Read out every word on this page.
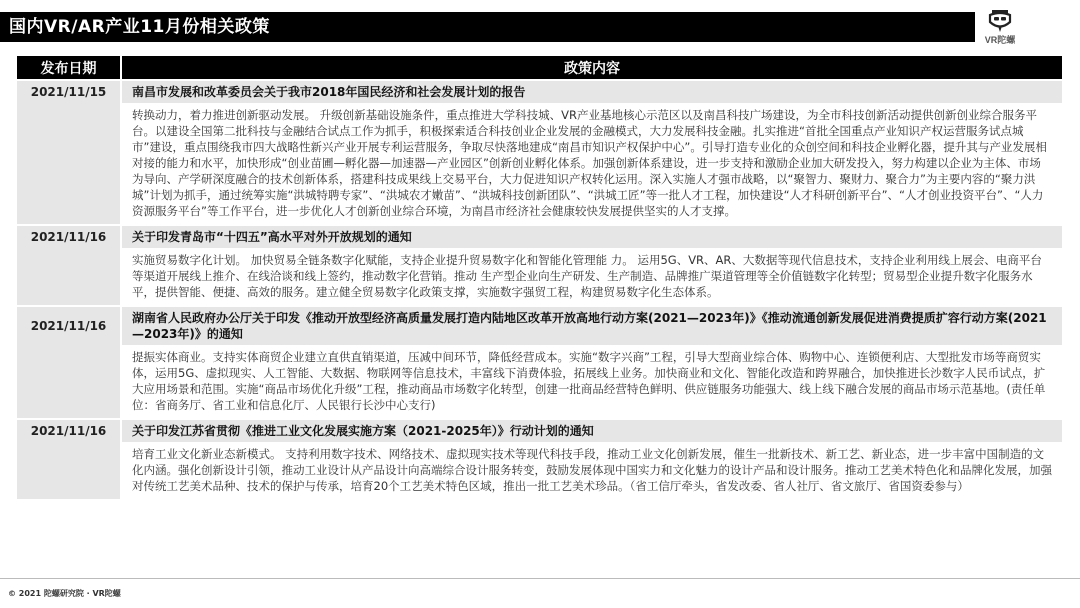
国内VR/AR产业11月份相关政策
VR陀螺
发布日期	政策内容
2021/11/15	南昌市发展和改革委员会关于我市2018年国民经济和社会发展计划的报告
	转换动力，着力推进创新驱动发展。 升级创新基础设施条件，重点推进大学科技城、VR产业基地核心示范区以及南昌科技广场建设，为全市科技创新活动提供创新创业综合服务平台。以建设全国第二批科技与金融结合试点工作为抓手，积极探索适合科技创业企业发展的金融模式，大力发展科技金融。扎实推进“首批全国重点产业知识产权运营服务试点城市”建设，重点围绕我市四大战略性新兴产业开展专利运营服务，争取尽快落地建成“南昌市知识产权保护中心”。引导打造专业化的众创空间和科技企业孵化器，提升其与产业发展相对接的能力和水平，加快形成“创业苗圃—孵化器—加速器—产业园区”创新创业孵化体系。加强创新体系建设，进一步支持和激励企业加大研发投入，努力构建以企业为主体、市场为导向、产学研深度融合的技术创新体系，搭建科技成果线上交易平台，大力促进知识产权转化运用。深入实施人才强市战略，以“聚智力、聚财力、聚合力”为主要内容的“聚力洪城”计划为抓手，通过统筹实施“洪城特聘专家”、“洪城农才嫩苗”、“洪城科技创新团队”、“洪城工匠”等一批人才工程，加快建设“人才科研创新平台”、“人才创业投资平台”、“人力资源服务平台”等工作平台，进一步优化人才创新创业综合环境，为南昌市经济社会健康较快发展提供坚实的人才支撑。
2021/11/16	关于印发青岛市“十四五”高水平对外开放规划的通知
	实施贸易数字化计划。 加快贸易全链条数字化赋能，支持企业提升贸易数字化和智能化管理能 力。 运用5G、VR、AR、大数据等现代信息技术，支持企业利用线上展会、电商平台等渠道开展线上推介、在线洽谈和线上签约，推动数字化营销。推动 生产型企业向生产研发、生产制造、品牌推广渠道管理等全价值链数字化转型；贸易型企业提升数字化服务水平，提供智能、便捷、高效的服务。建立健全贸易数字化政策支撑，实施数字强贸工程，构建贸易数字化生态体系。
2021/11/16	湖南省人民政府办公厅关于印发《推动开放型经济高质量发展打造内陆地区改革开放高地行动方案(2021—2023年)》《推动流通创新发展促进消费提质扩容行动方案(2021—2023年)》的通知
	提振实体商业。支持实体商贸企业建立直供直销渠道，压减中间环节，降低经营成本。实施“数字兴商”工程，引导大型商业综合体、购物中心、连锁便利店、大型批发市场等商贸实体，运用5G、虚拟现实、人工智能、大数据、物联网等信息技术，丰富线下消费体验，拓展线上业务。加快商业和文化、智能化改造和跨界融合，加快推进长沙数字人民币试点，扩大应用场景和范围。实施“商品市场优化升级”工程，推动商品市场数字化转型，创建一批商品经营特色鲜明、供应链服务功能强大、线上线下融合发展的商品市场示范基地。(责任单位：省商务厅、省工业和信息化厅、人民银行长沙中心支行)
2021/11/16	关于印发江苏省贯彻《推进工业文化发展实施方案（2021-2025年）》行动计划的通知
	培育工业文化新业态新模式。 支持利用数字技术、网络技术、虚拟现实技术等现代科技手段，推动工业文化创新发展，催生一批新技术、新工艺、新业态，进一步丰富中国制造的文化内涵。强化创新设计引领，推动工业设计从产品设计向高端综合设计服务转变，鼓励发展体现中国实力和文化魅力的设计产品和设计服务。推动工艺美术特色化和品牌化发展，加强对传统工艺美术品种、技术的保护与传承，培育20个工艺美术特色区域，推出一批工艺美术珍品。（省工信厅牵头，省发改委、省人社厅、省文旅厅、省国资委参与）
© 2021 陀螺研究院 · VR陀螺
